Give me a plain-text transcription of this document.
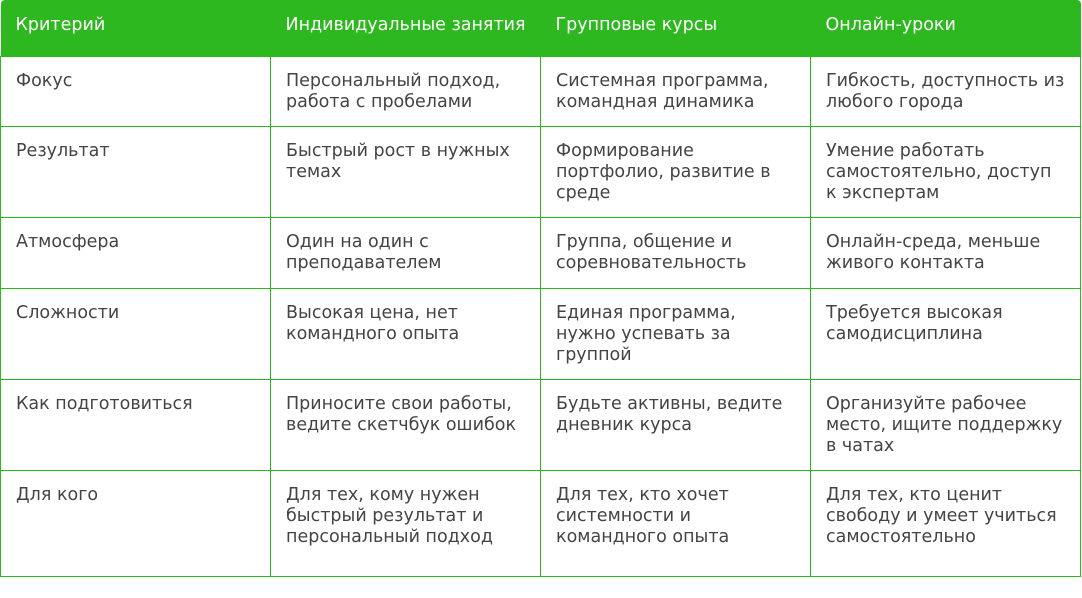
Критерий	Индивидуальные занятия	Групповые курсы	Онлайн-уроки
Фокус	Персональный подход, работа с пробелами	Системная программа, командная динамика	Гибкость, доступность из любого города
Результат	Быстрый рост в нужных темах	Формирование портфолио, развитие в среде	Умение работать самостоятельно, доступ к экспертам
Атмосфера	Один на один с преподавателем	Группа, общение и соревновательность	Онлайн-среда, меньше живого контакта
Сложности	Высокая цена, нет командного опыта	Единая программа, нужно успевать за группой	Требуется высокая самодисциплина
Как подготовиться	Приносите свои работы, ведите скетчбук ошибок	Будьте активны, ведите дневник курса	Организуйте рабочее место, ищите поддержку в чатах
Для кого	Для тех, кому нужен быстрый результат и персональный подход	Для тех, кто хочет системности и командного опыта	Для тех, кто ценит свободу и умеет учиться самостоятельно
